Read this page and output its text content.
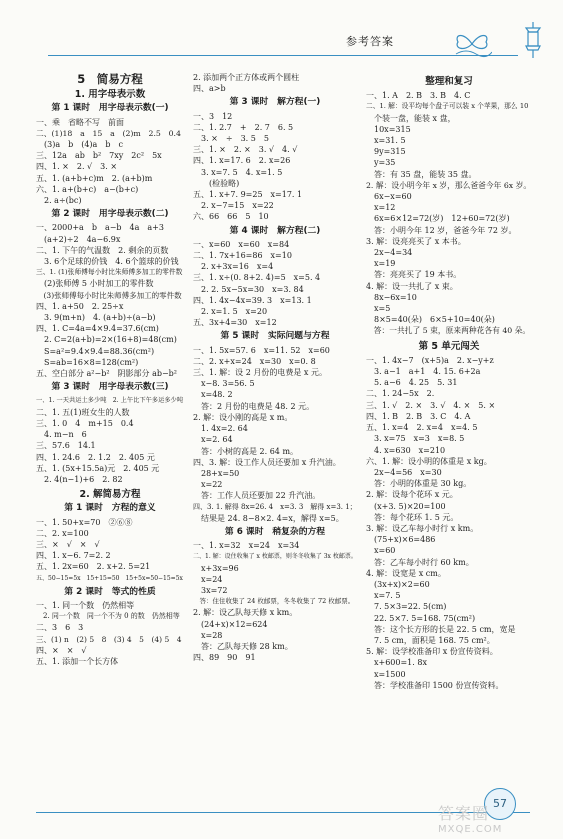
参考答案
5　简易方程
1. 用字母表示数
第 1 课时　用字母表示数(一)
一、乘　省略不写　前面
二、(1)18　a　15　a　(2)m　2.5　0.4
　(3)a　b　(4)a　b　c
三、12a　ab　b²　7xy　2c²　5x
四、1. ×　2. √　3. ×
五、1. (a+b+c)m　2. (a+b)m
六、1. a+(b+c)　a−(b+c)
　2. a÷(bc)
第 2 课时　用字母表示数(二)
一、2000+a　b　a−b　4a　a+3
　(a+2)÷2　4a−6.9x
二、1. 下午的气温数　2. 剩余的页数
　3. 6个足球的价钱　4. 6个篮球的价钱
三、1. (1)张师傅每小时比朱师傅多加工的零件数
　(2)张师傅 5 小时加工的零件数
　(3)张师傅每小时比朱师傅多加工的零件数
四、1. a+50　2. 25÷x
　3. 9(m+n)　4. (a+b)÷(a−b)
四、1. C=4a=4×9.4=37.6(cm)
　2. C=2(a+b)=2×(16+8)=48(cm)
　S=a²=9.4×9.4=88.36(cm²)
　S=ab=16×8=128(cm²)
五、空白部分 a²−b²　阴影部分 ab−b²
第 3 课时　用字母表示数(三)
一、1. 一天共运土多少吨　2. 上午比下午多运多少吨
二、1. 五(1)班女生的人数
三、1. 0　4　m+15　0.4
　4. m−n　6
三、57.6　14.1
四、1. 24.6　2. 1.2　2. 405 元
五、1. (5x+15.5a)元　2. 405 元
　2. 4(n−1)+6　2. 82
2. 解简易方程
第 1 课时　方程的意义
一、1. 50+x=70　②⑥⑧
二、2. x=100
三、×　√　×　√
四、1. x−6. 7=2. 2
五、1. 2x=60　2. x+2. 5=21
五、50−15=5x　15+15=50　15+5x=50−15=5x
第 2 课时　等式的性质
一、1. 同一个数　仍然相等
　2. 同一个数　同一个不为 0 的数　仍然相等
二、3　6　3
三、(1) n　(2) 5　8　(3) 4　5　(4) 5　4
四、×　×　√
五、1. 添加一个长方体
2. 添加两个正方体或两个圆柱
四、a>b
第 3 课时　解方程(一)
一、3　12
二、1. 2.7　+　2. 7　6. 5
　3. ×　÷　3. 5　5
三、1. ×　2. ×　3. √　4. √
四、1. x=17. 6　2. x=26
　3. x=7. 5　4. x=1. 5
　　(检验略)
五、1. x+7. 9=25　x=17. 1
　2. x−7=15　x=22
六、66　66　5　10
第 4 课时　解方程(二)
一、x=60　x=60　x=84
二、1. 7x+16=86　x=10
　2. x+3x=16　x=4
三、1. x÷(0. 8+2. 4)=5　x=5. 4
　2. 2. 5x−5x=30　x=3. 84
四、1. 4x−4x=39. 3　x=13. 1
　2. x=1. 5　x=20
五、3x+4=30　x=12
第 5 课时　实际问题与方程
一、1. 5x=57. 6　x=11. 52　x=60
二、2. x+x=24　x=30　x=0. 8
三、1. 解：设 2 月份的电费是 x 元。
　x−8. 3=56. 5
　x=48. 2
　答：2 月份的电费是 48. 2 元。
2. 解：设小刚的高是 x m。
　1. 4x=2. 64
　x=2. 64
　答：小树的高是 2. 64 m。
四、3. 解：设工作人员还要加 x 升汽油。
　28+x=50
　x=22
　答：工作人员还要加 22 升汽油。
四、3. 1. 解得 8x=26. 4　x=3. 3　解得 x=3. 1；
　结果是 24. 8−8×2. 4=x，解得 x=5。
第 6 课时　稍复杂的方程
一、1. x=32　x=24　x=34
二、1. 解：设住收集了 x 枚邮票，则冬冬收集了 3x 枚邮票。
　x+3x=96
　x=24
　3x=72
　答：住住收集了 24 枚邮票，冬冬收集了 72 枚邮票。
2. 解：设乙队每天修 x km。
　(24+x)×12=624
　x=28
　答：乙队每天修 28 km。
四、89　90　91
整理和复习
一、1. A　2. B　3. B　4. C
二、1. 解：设平均每个盘子可以装 x 个苹果，那么 10
　个装一盘，能装 x 盘，
　10x=315
　x=31. 5
　9y=315
　y=35
　答：有 35 盘，能装 35 盘。
2. 解：设小明今年 x 岁，那么爸爸今年 6x 岁。
　6x−x=60
　x=12
　6x=6×12=72(岁)　12+60=72(岁)
　答：小明今年 12 岁，爸爸今年 72 岁。
3. 解：设亮亮买了 x 本书。
　2x−4=34
　x=19
　答：亮亮买了 19 本书。
4. 解：设一共扎了 x 束。
　8x−6x=10
　x=5
　8×5=40(朵)　6×5+10=40(朵)
　答：一共扎了 5 束，原来两种花各有 40 朵。
第 5 单元闯关
一、1. 4x−7　(x+5)a　2. x−y+z
　3. a−1　a+1　4. 15. 6+2a
　5. a−6　4. 25　5. 31
二、1. 24−5x　2.
三、1. √　2. ×　3. √　4. ×　5. ×
四、1. B　2. B　3. C　4. A
五、1. x=4　2. x=4　x=4. 5
　3. x=75　x=3　x=8. 5
　4. x=630　x=210
六、1. 解：设小明的体重是 x kg。
　2x−4=56　x=30
　答：小明的体重是 30 kg。
2. 解：设每个花环 x 元。
　(x+3. 5)×20=100
　答：每个花环 1. 5 元。
3. 解：设乙车每小时行 x km。
　(75+x)×6=486
　x=60
　答：乙车每小时行 60 km。
4. 解：设宽是 x cm。
　(3x+x)×2=60
　x=7. 5
　7. 5×3=22. 5(cm)
　22. 5×7. 5=168. 75(cm²)
　答：这个长方形的长是 22. 5 cm，宽是
　7. 5 cm，面积是 168. 75 cm²。
5. 解：设学校准备印 x 份宣传资料。
　x+600=1. 8x
　x=1500
　答：学校准备印 1500 份宣传资料。
57
答案圈
MXQE.COM
